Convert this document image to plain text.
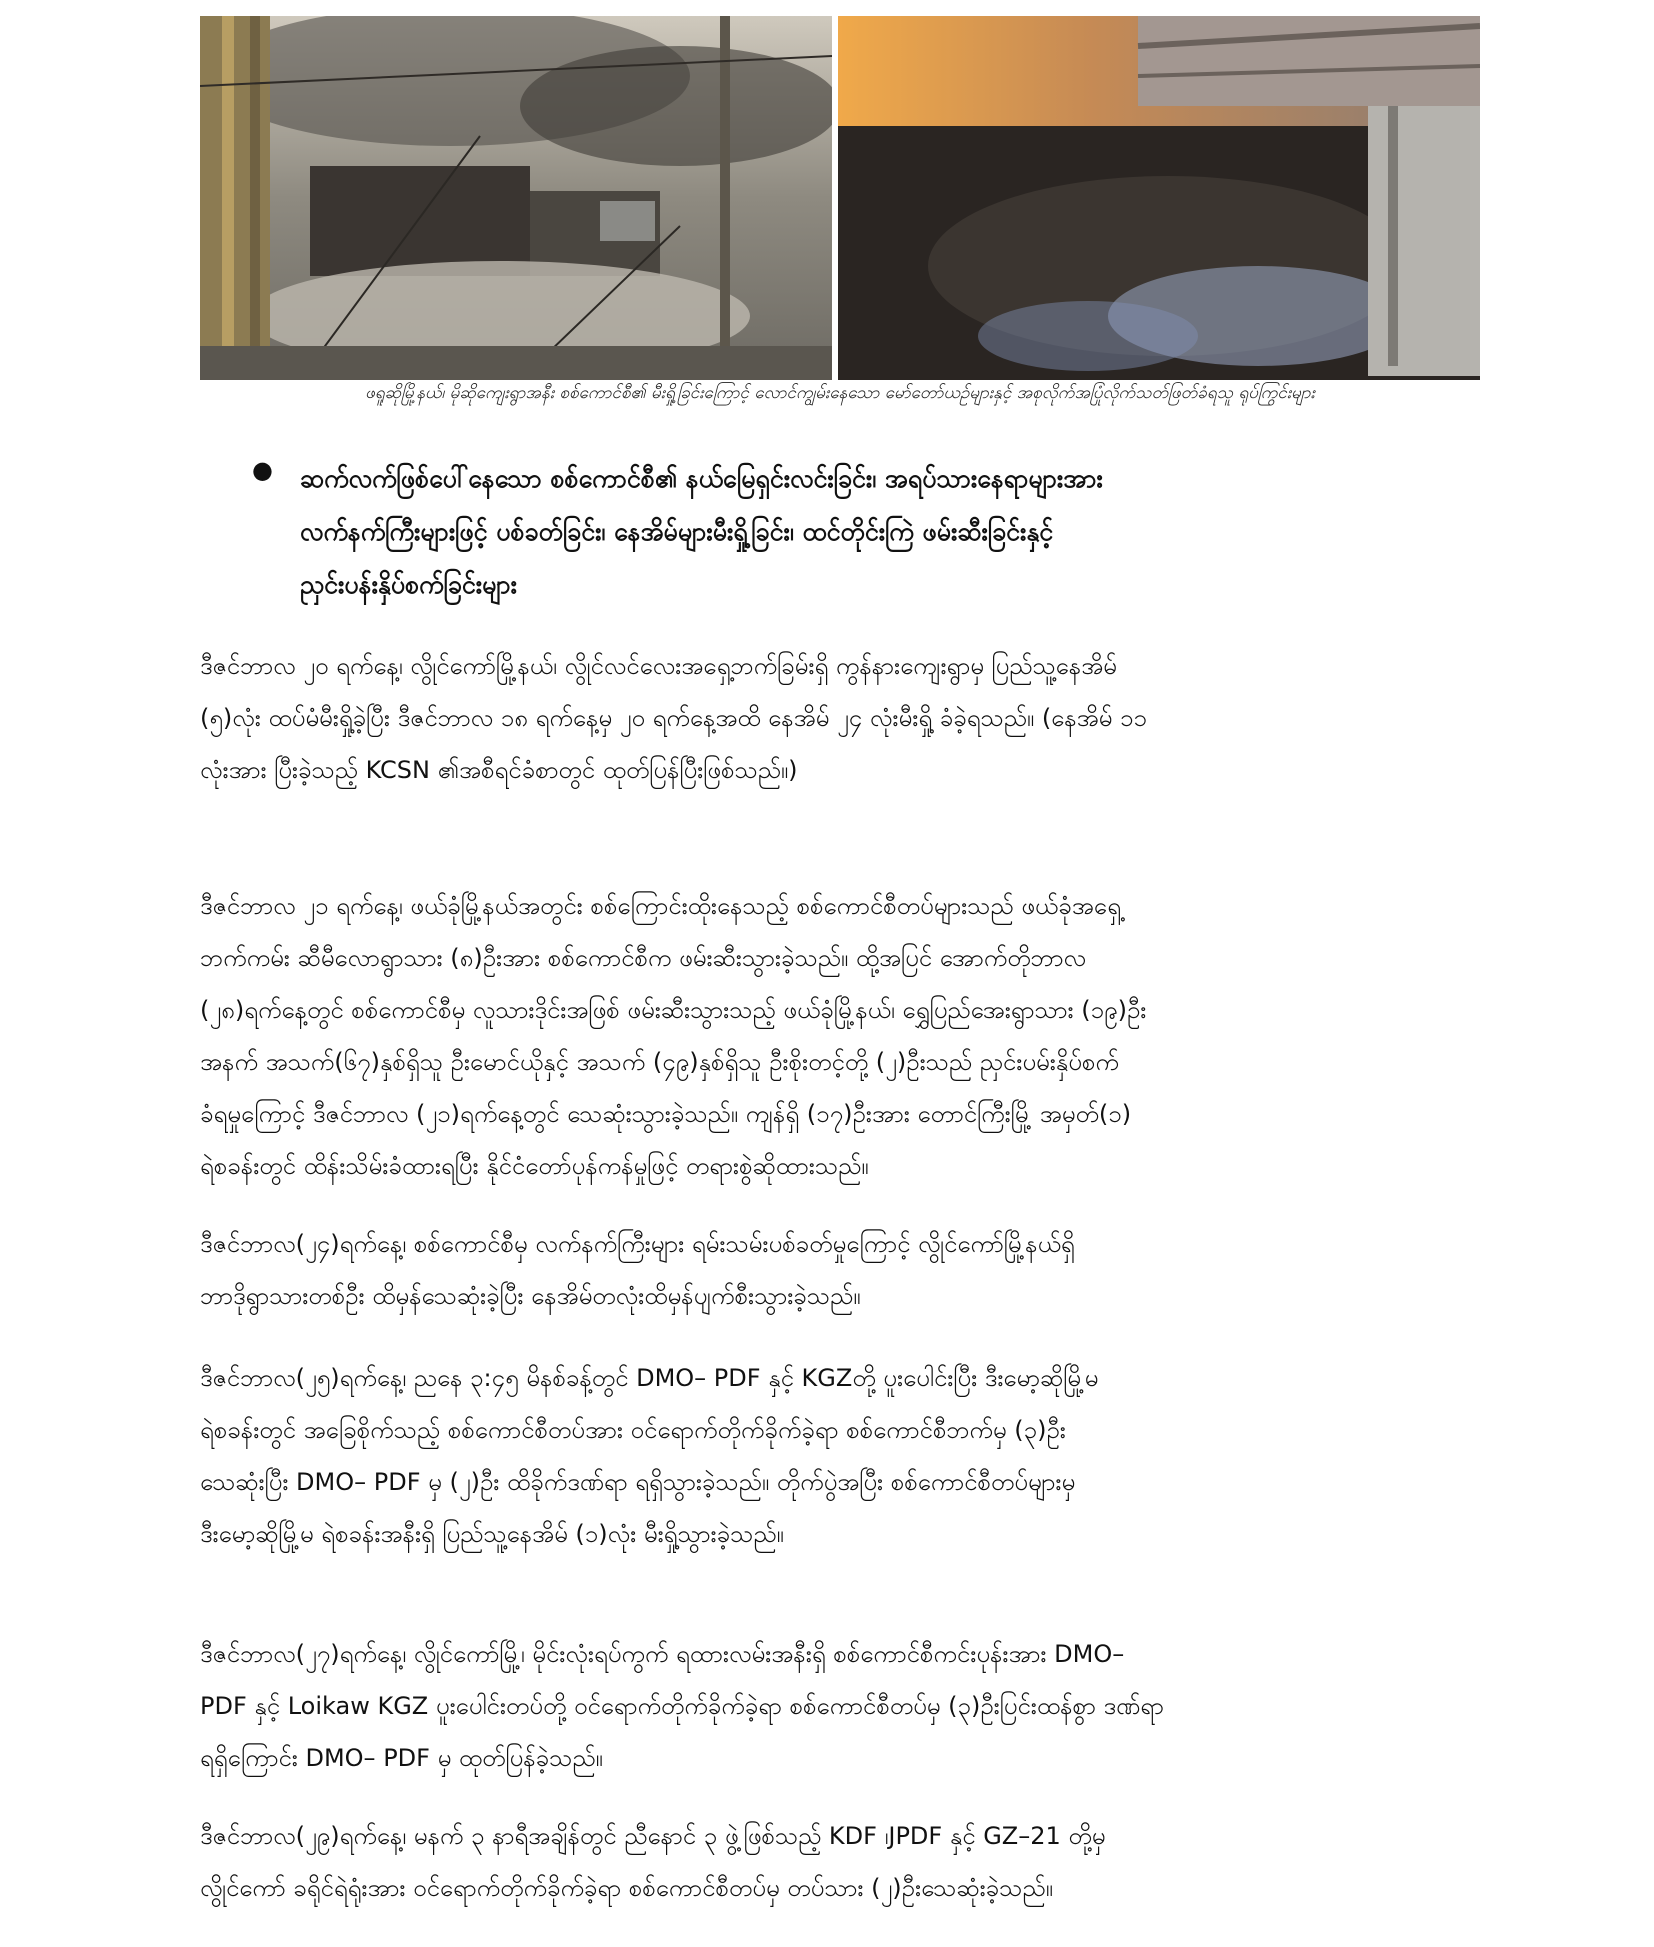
ဖရူဆိုမြို့နယ်၊ မိုဆိုကျေးရွာအနီး စစ်ကောင်စီ၏ မီးရှို့ခြင်းကြောင့် လောင်ကျွမ်းနေသော မော်တော်ယဉ်များနှင့် အစုလိုက်အပြုံလိုက်သတ်ဖြတ်ခံရသူ ရုပ်ကြွင်းများ
● ဆက်လက်ဖြစ်ပေါ်နေသော စစ်ကောင်စီ၏ နယ်မြေရှင်းလင်းခြင်း၊ အရပ်သားနေရာများအား
လက်နက်ကြီးများဖြင့် ပစ်ခတ်ခြင်း၊ နေအိမ်များမီးရှို့ခြင်း၊ ထင်တိုင်းကြဲ ဖမ်းဆီးခြင်းနှင့်
ညှင်းပန်းနှိပ်စက်ခြင်းများ
ဒီဇင်ဘာလ ၂၀ ရက်နေ့၊ လွိုင်ကော်မြို့နယ်၊ လွိုင်လင်လေးအရှေ့ဘက်ခြမ်းရှိ ကွန်နားကျေးရွာမှ ပြည်သူ့နေအိမ်
(၅)လုံး ထပ်မံမီးရှို့ခဲ့ပြီး ဒီဇင်ဘာလ ၁၈ ရက်နေ့မှ ၂၀ ရက်နေ့အထိ နေအိမ် ၂၄ လုံးမီးရှို့ ခံခဲ့ရသည်။ (နေအိမ် ၁၁
လုံးအား ပြီးခဲ့သည့် KCSN ၏အစီရင်ခံစာတွင် ထုတ်ပြန်ပြီးဖြစ်သည်။)
ဒီဇင်ဘာလ ၂၁ ရက်နေ့၊ ဖယ်ခုံမြို့နယ်အတွင်း စစ်ကြောင်းထိုးနေသည့် စစ်ကောင်စီတပ်များသည် ဖယ်ခုံအရှေ့
ဘက်ကမ်း ဆီမီလောရွာသား (၈)ဦးအား စစ်ကောင်စီက ဖမ်းဆီးသွားခဲ့သည်။ ထို့အပြင် အောက်တိုဘာလ
(၂၈)ရက်နေ့တွင် စစ်ကောင်စီမှ လူသားဒိုင်းအဖြစ် ဖမ်းဆီးသွားသည့် ဖယ်ခုံမြို့နယ်၊ ရွှေပြည်အေးရွာသား (၁၉)ဦး
အနက် အသက်(၆၇)နှစ်ရှိသူ ဦးမောင်ယိုနှင့် အသက် (၄၉)နှစ်ရှိသူ ဦးစိုးတင့်တို့ (၂)ဦးသည် ညှင်းပမ်းနှိပ်စက်
ခံရမှုကြောင့် ဒီဇင်ဘာလ (၂၁)ရက်နေ့တွင် သေဆုံးသွားခဲ့သည်။ ကျန်ရှိ (၁၇)ဦးအား တောင်ကြီးမြို့ အမှတ်(၁)
ရဲစခန်းတွင် ထိန်းသိမ်းခံထားရပြီး နိုင်ငံတော်ပုန်ကန်မှုဖြင့် တရားစွဲဆိုထားသည်။
ဒီဇင်ဘာလ(၂၄)ရက်နေ့၊ စစ်ကောင်စီမှ လက်နက်ကြီးများ ရမ်းသမ်းပစ်ခတ်မှုကြောင့် လွိုင်ကော်မြို့နယ်ရှိ
ဘာဒိုရွာသားတစ်ဦး ထိမှန်သေဆုံးခဲ့ပြီး နေအိမ်တလုံးထိမှန်ပျက်စီးသွားခဲ့သည်။
ဒီဇင်ဘာလ(၂၅)ရက်နေ့၊ ညနေ ၃:၄၅ မိနစ်ခန့်တွင် DMO– PDF နှင့် KGZတို့ ပူးပေါင်းပြီး ဒီးမော့ဆိုမြို့မ
ရဲစခန်းတွင် အခြေစိုက်သည့် စစ်ကောင်စီတပ်အား ဝင်ရောက်တိုက်ခိုက်ခဲ့ရာ စစ်ကောင်စီဘက်မှ (၃)ဦး
သေဆုံးပြီး DMO– PDF မှ (၂)ဦး ထိခိုက်ဒဏ်ရာ ရရှိသွားခဲ့သည်။ တိုက်ပွဲအပြီး စစ်ကောင်စီတပ်များမှ
ဒီးမော့ဆိုမြို့မ ရဲစခန်းအနီးရှိ ပြည်သူ့နေအိမ် (၁)လုံး မီးရှို့သွားခဲ့သည်။
ဒီဇင်ဘာလ(၂၇)ရက်နေ့၊ လွိုင်ကော်မြို့၊ မိုင်းလုံးရပ်ကွက် ရထားလမ်းအနီးရှိ စစ်ကောင်စီကင်းပုန်းအား DMO–
PDF နှင့် Loikaw KGZ ပူးပေါင်းတပ်တို့ ဝင်ရောက်တိုက်ခိုက်ခဲ့ရာ စစ်ကောင်စီတပ်မှ (၃)ဦးပြင်းထန်စွာ ဒဏ်ရာ
ရရှိကြောင်း DMO– PDF မှ ထုတ်ပြန်ခဲ့သည်။
ဒီဇင်ဘာလ(၂၉)ရက်နေ့၊ မနက် ၃ နာရီအချိန်တွင် ညီနောင် ၃ ဖွဲ့ဖြစ်သည့် KDF ၊JPDF နှင့် GZ–21 တို့မှ
လွိုင်ကော် ခရိုင်ရဲရုံးအား ဝင်ရောက်တိုက်ခိုက်ခဲ့ရာ စစ်ကောင်စီတပ်မှ တပ်သား (၂)ဦးသေဆုံးခဲ့သည်။
